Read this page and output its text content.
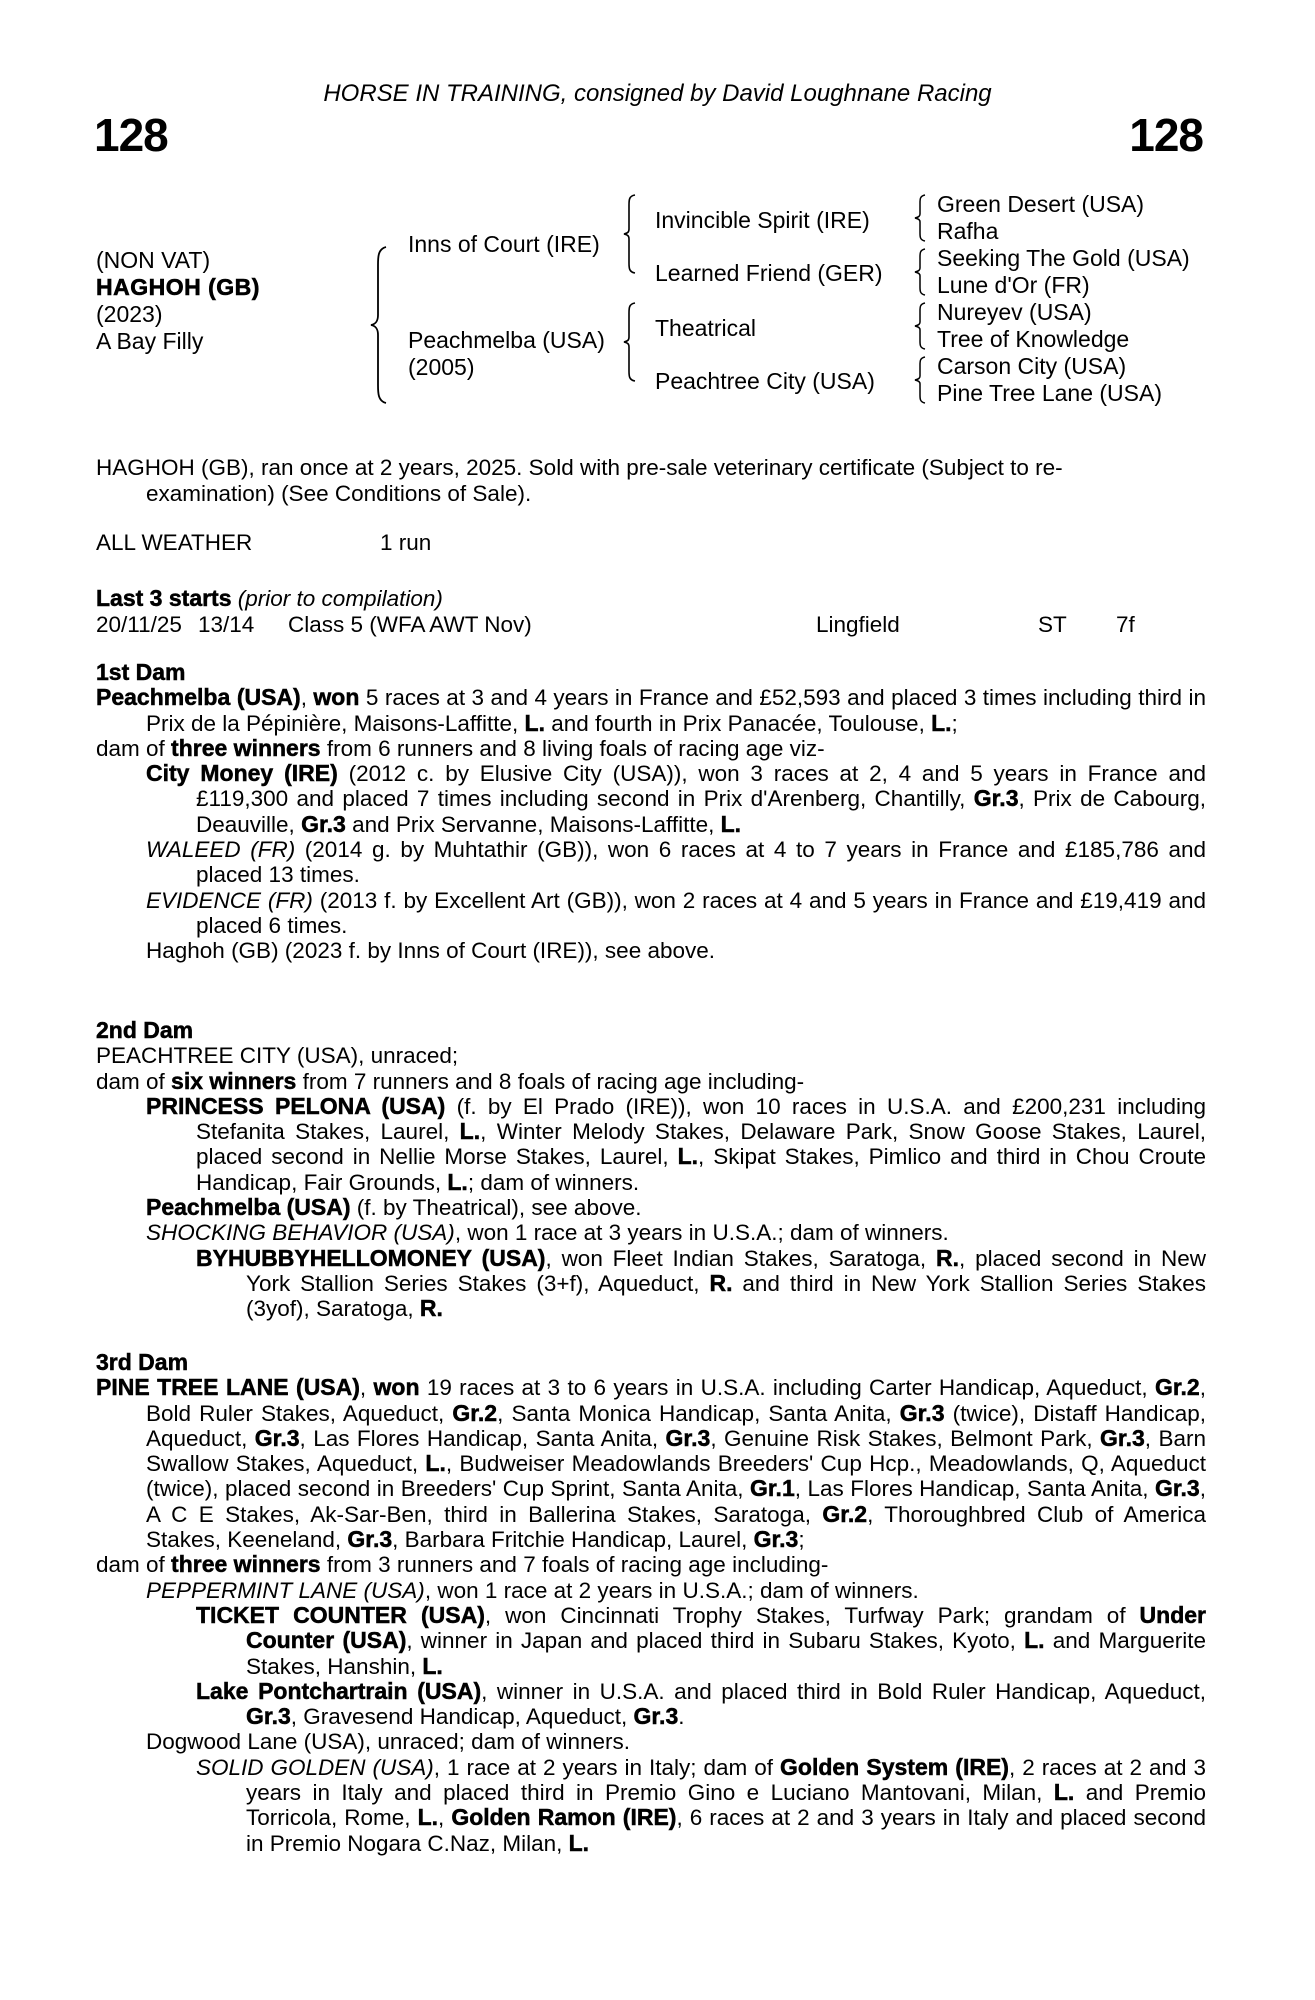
HORSE IN TRAINING, consigned by David Loughnane Racing
128	128
(NON VAT)
HAGHOH (GB)
(2023)
A Bay Filly
Inns of Court (IRE)
Peachmelba (USA)
(2005)
Invincible Spirit (IRE)
Learned Friend (GER)
Theatrical
Peachtree City (USA)
Green Desert (USA)
Rafha
Seeking The Gold (USA)
Lune d'Or (FR)
Nureyev (USA)
Tree of Knowledge
Carson City (USA)
Pine Tree Lane (USA)
HAGHOH (GB), ran once at 2 years, 2025. Sold with pre-sale veterinary certificate (Subject to re-
examination) (See Conditions of Sale).
ALL WEATHER	1 run
Last 3 starts (prior to compilation)
20/11/25 13/14 Class 5 (WFA AWT Nov)	Lingfield	ST 7f
1st Dam
Peachmelba (USA), won 5 races at 3 and 4 years in France and £52,593 and placed 3 times including third in Prix de la Pépinière, Maisons-Laffitte, L. and fourth in Prix Panacée, Toulouse, L.;
dam of three winners from 6 runners and 8 living foals of racing age viz-
City Money (IRE) (2012 c. by Elusive City (USA)), won 3 races at 2, 4 and 5 years in France and £119,300 and placed 7 times including second in Prix d'Arenberg, Chantilly, Gr.3, Prix de Cabourg, Deauville, Gr.3 and Prix Servanne, Maisons-Laffitte, L.
WALEED (FR) (2014 g. by Muhtathir (GB)), won 6 races at 4 to 7 years in France and £185,786 and placed 13 times.
EVIDENCE (FR) (2013 f. by Excellent Art (GB)), won 2 races at 4 and 5 years in France and £19,419 and placed 6 times.
Haghoh (GB) (2023 f. by Inns of Court (IRE)), see above.
2nd Dam
PEACHTREE CITY (USA), unraced;
dam of six winners from 7 runners and 8 foals of racing age including-
PRINCESS PELONA (USA) (f. by El Prado (IRE)), won 10 races in U.S.A. and £200,231 including Stefanita Stakes, Laurel, L., Winter Melody Stakes, Delaware Park, Snow Goose Stakes, Laurel, placed second in Nellie Morse Stakes, Laurel, L., Skipat Stakes, Pimlico and third in Chou Croute Handicap, Fair Grounds, L.; dam of winners.
Peachmelba (USA) (f. by Theatrical), see above.
SHOCKING BEHAVIOR (USA), won 1 race at 3 years in U.S.A.; dam of winners.
BYHUBBYHELLOMONEY (USA), won Fleet Indian Stakes, Saratoga, R., placed second in New York Stallion Series Stakes (3+f), Aqueduct, R. and third in New York Stallion Series Stakes (3yof), Saratoga, R.
3rd Dam
PINE TREE LANE (USA), won 19 races at 3 to 6 years in U.S.A. including Carter Handicap, Aqueduct, Gr.2, Bold Ruler Stakes, Aqueduct, Gr.2, Santa Monica Handicap, Santa Anita, Gr.3 (twice), Distaff Handicap, Aqueduct, Gr.3, Las Flores Handicap, Santa Anita, Gr.3, Genuine Risk Stakes, Belmont Park, Gr.3, Barn Swallow Stakes, Aqueduct, L., Budweiser Meadowlands Breeders' Cup Hcp., Meadowlands, Q, Aqueduct (twice), placed second in Breeders' Cup Sprint, Santa Anita, Gr.1, Las Flores Handicap, Santa Anita, Gr.3, A C E Stakes, Ak-Sar-Ben, third in Ballerina Stakes, Saratoga, Gr.2, Thoroughbred Club of America Stakes, Keeneland, Gr.3, Barbara Fritchie Handicap, Laurel, Gr.3;
dam of three winners from 3 runners and 7 foals of racing age including-
PEPPERMINT LANE (USA), won 1 race at 2 years in U.S.A.; dam of winners.
TICKET COUNTER (USA), won Cincinnati Trophy Stakes, Turfway Park; grandam of Under Counter (USA), winner in Japan and placed third in Subaru Stakes, Kyoto, L. and Marguerite Stakes, Hanshin, L.
Lake Pontchartrain (USA), winner in U.S.A. and placed third in Bold Ruler Handicap, Aqueduct, Gr.3, Gravesend Handicap, Aqueduct, Gr.3.
Dogwood Lane (USA), unraced; dam of winners.
SOLID GOLDEN (USA), 1 race at 2 years in Italy; dam of Golden System (IRE), 2 races at 2 and 3 years in Italy and placed third in Premio Gino e Luciano Mantovani, Milan, L. and Premio Torricola, Rome, L., Golden Ramon (IRE), 6 races at 2 and 3 years in Italy and placed second in Premio Nogara C.Naz, Milan, L.
